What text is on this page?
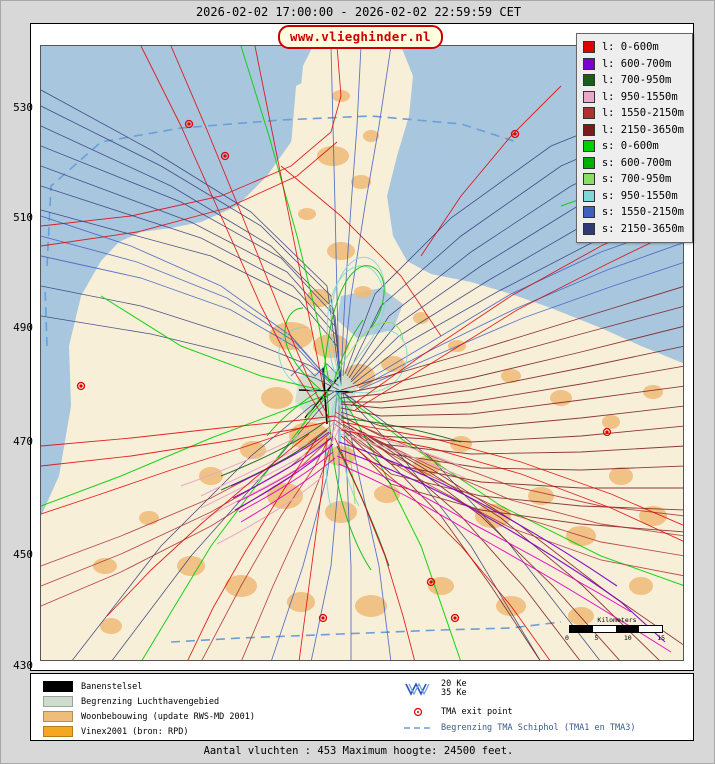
2026-02-02 17:00:00 - 2026-02-02 22:59:59 CET
Kilometers
0	5	10	15
www.vlieghinder.nl
l: 0-600m
l: 600-700m
l: 700-950m
l: 950-1550m
l: 1550-2150m
l: 2150-3650m
s: 0-600m
s: 600-700m
s: 700-950m
s: 950-1550m
s: 1550-2150m
s: 2150-3650m
530
510
490
470
450
430
Banenstelsel
Begrenzing Luchthavengebied
Woonbebouwing (update RWS-MD 2001)
Vinex2001 (bron: RPD)
20 Ke
35 Ke
TMA exit point
Begrenzing TMA Schiphol (TMA1 en TMA3)
Aantal vluchten : 453 Maximum hoogte: 24500 feet.
